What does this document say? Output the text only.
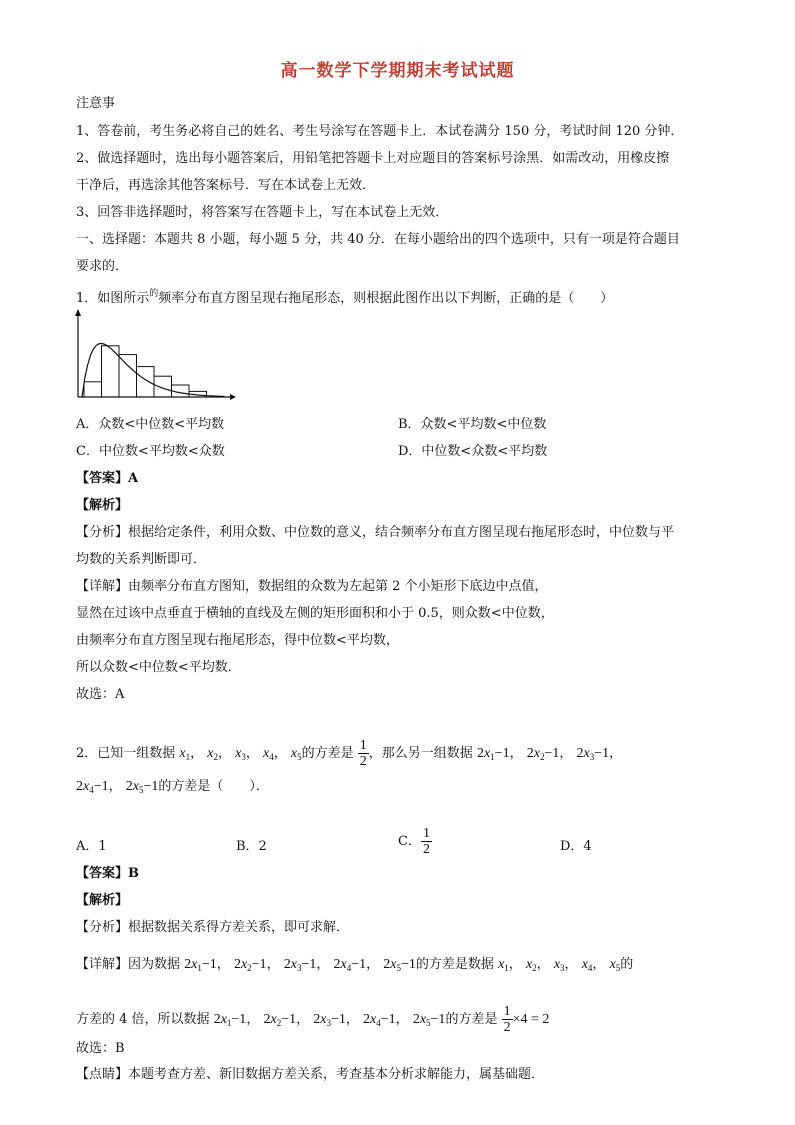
高一数学下学期期末考试试题
注意事
1、答卷前，考生务必将自己的姓名、考生号涂写在答题卡上．本试卷满分 150 分，考试时间 120 分钟．
2、做选择题时，选出每小题答案后，用铅笔把答题卡上对应题目的答案标号涂黑．如需改动，用橡皮擦
干净后，再选涂其他答案标号．写在本试卷上无效．
3、回答非选择题时，将答案写在答题卡上，写在本试卷上无效．
一、选择题：本题共 8 小题，每小题 5 分，共 40 分．在每小题给出的四个选项中，只有一项是符合题目
要求的．
1．如图所示$^的$频率分布直方图呈现右拖尾形态，则根据此图作出以下判断，正确的是（　　）
A．众数<中位数<平均数	B．众数<平均数<中位数
C．中位数<平均数<众数	D．中位数<众数<平均数
【答案】A
【解析】
【分析】根据给定条件，利用众数、中位数的意义，结合频率分布直方图呈现右拖尾形态时，中位数与平
均数的关系判断即可．
【详解】由频率分布直方图知，数据组的众数为左起第 2 个小矩形下底边中点值，
显然在过该中点垂直于横轴的直线及左侧的矩形面积和小于 0.5，则众数<中位数，
由频率分布直方图呈现右拖尾形态，得中位数<平均数，
所以众数<中位数<平均数．
故选：A
2．已知一组数据 $x_1$， $x_2$， $x_3$， $x_4$， $x_5$的方差是 $\frac{1}{2}$ ，那么另一组数据 $2x_1-1$， $2x_2-1$， $2x_3-1$，
$2x_4-1$， $2x_5-1$的方差是（　　）．
A．1	B．2	C． $\frac{1}{2}$	D．4
【答案】B
【解析】
【分析】根据数据关系得方差关系，即可求解．
【详解】因为数据 $2x_1-1$， $2x_2-1$， $2x_3-1$， $2x_4-1$， $2x_5-1$的方差是数据 $x_1$， $x_2$， $x_3$， $x_4$， $x_5$的
方差的 4 倍，所以数据 $2x_1-1$， $2x_2-1$， $2x_3-1$， $2x_4-1$， $2x_5-1$的方差是 $\frac{1}{2} \times 4 = 2$
故选：B
【点睛】本题考查方差、新旧数据方差关系，考查基本分析求解能力，属基础题．
